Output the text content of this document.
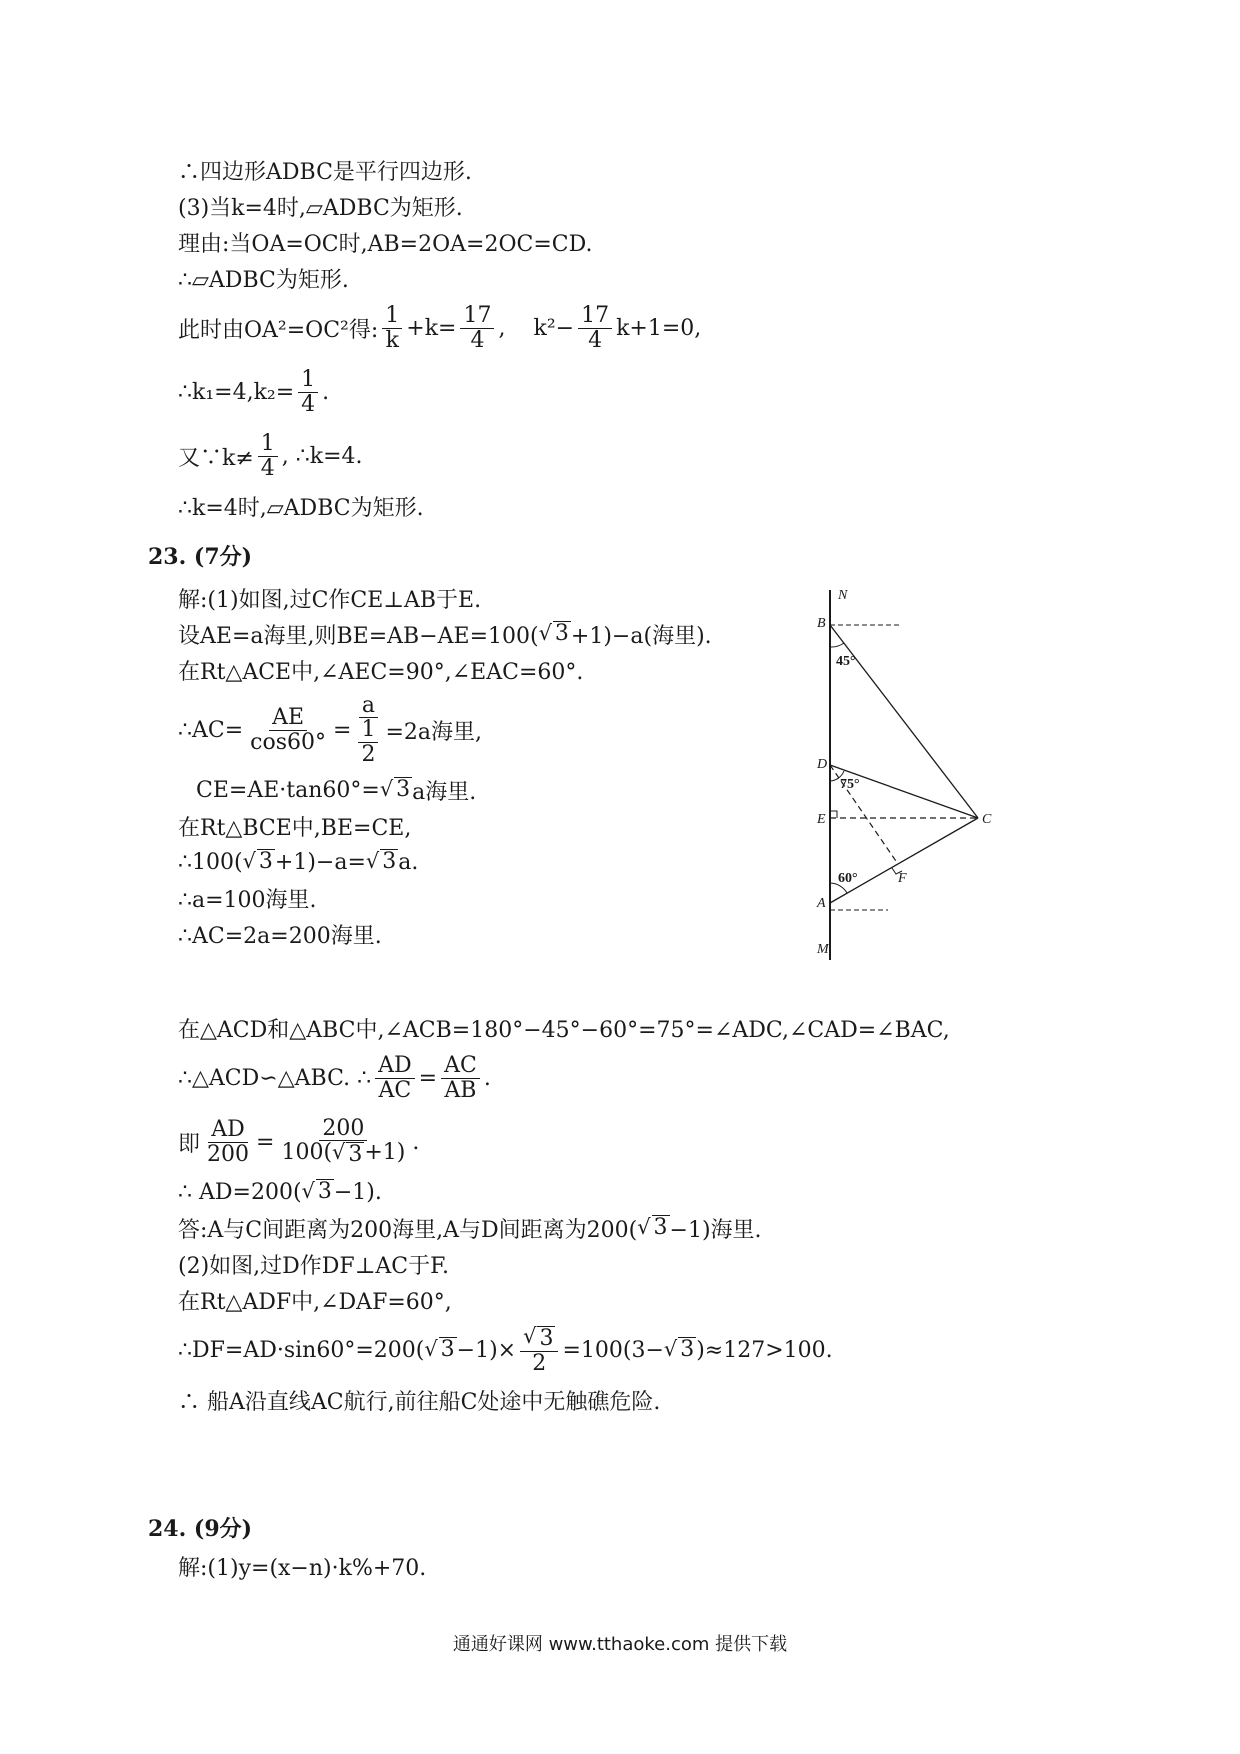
∴四边形ADBC是平行四边形.
(3)当k=4时,▱ADBC为矩形.
理由:当OA=OC时,AB=2OA=2OC=CD.
∴▱ADBC为矩形.
此时由OA²=OC²得: $\frac{1}{k} +k= \frac{17}{4}$ , $k^2- \frac{17}{4} k+1=0$,
∴k₁=4,k₂= $\frac{1}{4}$ .
又∵k≠ $\frac{1}{4}$ , ∴k=4.
∴k=4时,▱ADBC为矩形.
23. (7分)
解:(1)如图,过C作CE⊥AB于E.
设AE=a海里,则BE=AB−AE=100( √ 3 +1)−a(海里).
在Rt△ACE中,∠AEC=90°,∠EAC=60°.
∴AC= $\frac{AE}{\cos 60^\circ} = \frac{a}{\frac{1}{2}} =2a$海里,
CE=AE·tan60°= √ 3 a海里.
在Rt△BCE中,BE=CE,
∴100( √ 3 +1)−a= √ 3 a.
∴a=100海里.
∴AC=2a=200海里.
N
B
D
E
A
M
C
F
45°
75°
60°
在△ACD和△ABC中,∠ACB=180°−45°−60°=75°=∠ADC,∠CAD=∠BAC,
∴△ACD∽△ABC. ∴ $\frac{AD}{AC} = \frac{AC}{AB}$ .
即 $\frac{AD}{200} = \frac{200}{100( √ 3 +1)}$ .
∴ AD=200( √ 3 −1).
答:A与C间距离为200海里,A与D间距离为200( √ 3 −1)海里.
(2)如图,过D作DF⊥AC于F.
在Rt△ADF中,∠DAF=60°,
∴DF=AD·sin60°=200( √ $3 -1)\times \frac{√ 3}{2} =100(3-$ √ 3 )≈127>100.
∴ 船A沿直线AC航行,前往船C处途中无触礁危险.
24. (9分)
解:(1)y=(x−n)·k%+70.
通通好课网 www.tthaoke.com 提供下载
